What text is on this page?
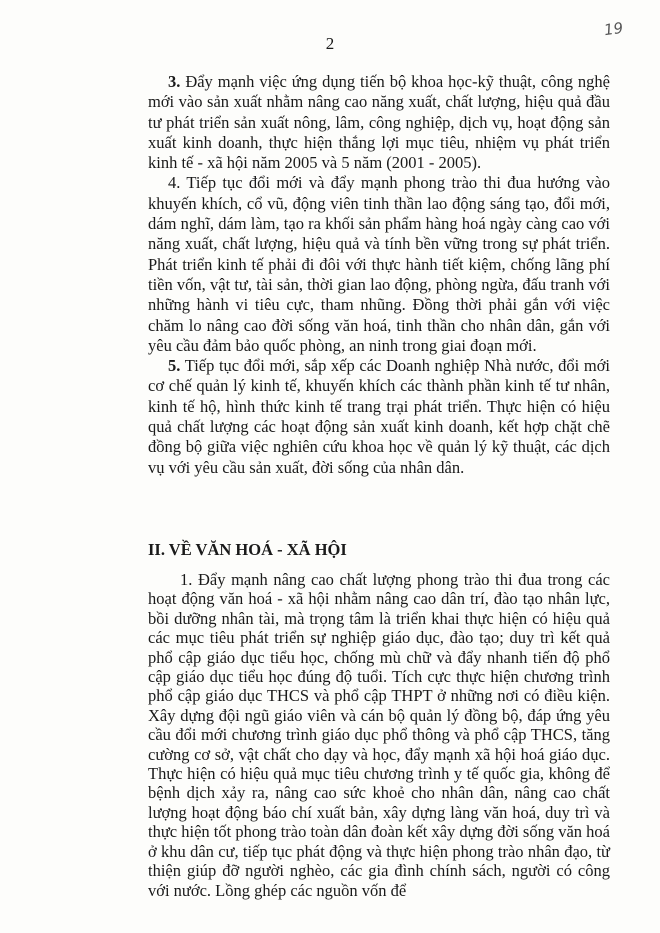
2
19

3. Đẩy mạnh việc ứng dụng tiến bộ khoa học-kỹ thuật, công nghệ mới vào sản xuất nhằm nâng cao năng xuất, chất lượng, hiệu quả đầu tư phát triển sản xuất nông, lâm, công nghiệp, dịch vụ, hoạt động sản xuất kinh doanh, thực hiện thắng lợi mục tiêu, nhiệm vụ phát triển kinh tế - xã hội năm 2005 và 5 năm (2001 - 2005).

4. Tiếp tục đổi mới và đẩy mạnh phong trào thi đua hướng vào khuyến khích, cổ vũ, động viên tinh thần lao động sáng tạo, đổi mới, dám nghĩ, dám làm, tạo ra khối sản phẩm hàng hoá ngày càng cao với năng xuất, chất lượng, hiệu quả và tính bền vững trong sự phát triển. Phát triển kinh tế phải đi đôi với thực hành tiết kiệm, chống lãng phí tiền vốn, vật tư, tài sản, thời gian lao động, phòng ngừa, đấu tranh với những hành vi tiêu cực, tham nhũng. Đồng thời phải gắn với việc chăm lo nâng cao đời sống văn hoá, tinh thần cho nhân dân, gắn với yêu cầu đảm bảo quốc phòng, an ninh trong giai đoạn mới.

5. Tiếp tục đổi mới, sắp xếp các Doanh nghiệp Nhà nước, đổi mới cơ chế quản lý kinh tế, khuyến khích các thành phần kinh tế tư nhân, kinh tế hộ, hình thức kinh tế trang trại phát triển. Thực hiện có hiệu quả chất lượng các hoạt động sản xuất kinh doanh, kết hợp chặt chẽ đồng bộ giữa việc nghiên cứu khoa học về quản lý kỹ thuật, các dịch vụ với yêu cầu sản xuất, đời sống của nhân dân.

II. VỀ VĂN HOÁ - XÃ HỘI

1. Đẩy mạnh nâng cao chất lượng phong trào thi đua trong các hoạt động văn hoá - xã hội nhằm nâng cao dân trí, đào tạo nhân lực, bồi dưỡng nhân tài, mà trọng tâm là triển khai thực hiện có hiệu quả các mục tiêu phát triển sự nghiệp giáo dục, đào tạo; duy trì kết quả phổ cập giáo dục tiểu học, chống mù chữ và đẩy nhanh tiến độ phổ cập giáo dục tiểu học đúng độ tuổi. Tích cực thực hiện chương trình phổ cập giáo dục THCS và phổ cập THPT ở những nơi có điều kiện. Xây dựng đội ngũ giáo viên và cán bộ quản lý đồng bộ, đáp ứng yêu cầu đổi mới chương trình giáo dục phổ thông và phổ cập THCS, tăng cường cơ sở, vật chất cho dạy và học, đẩy mạnh xã hội hoá giáo dục. Thực hiện có hiệu quả mục tiêu chương trình y tế quốc gia, không để bệnh dịch xảy ra, nâng cao sức khoẻ cho nhân dân, nâng cao chất lượng hoạt động báo chí xuất bản, xây dựng làng văn hoá, duy trì và thực hiện tốt phong trào toàn dân đoàn kết xây dựng đời sống văn hoá ở khu dân cư, tiếp tục phát động và thực hiện phong trào nhân đạo, từ thiện giúp đỡ người nghèo, các gia đình chính sách, người có công với nước. Lồng ghép các nguồn vốn để
